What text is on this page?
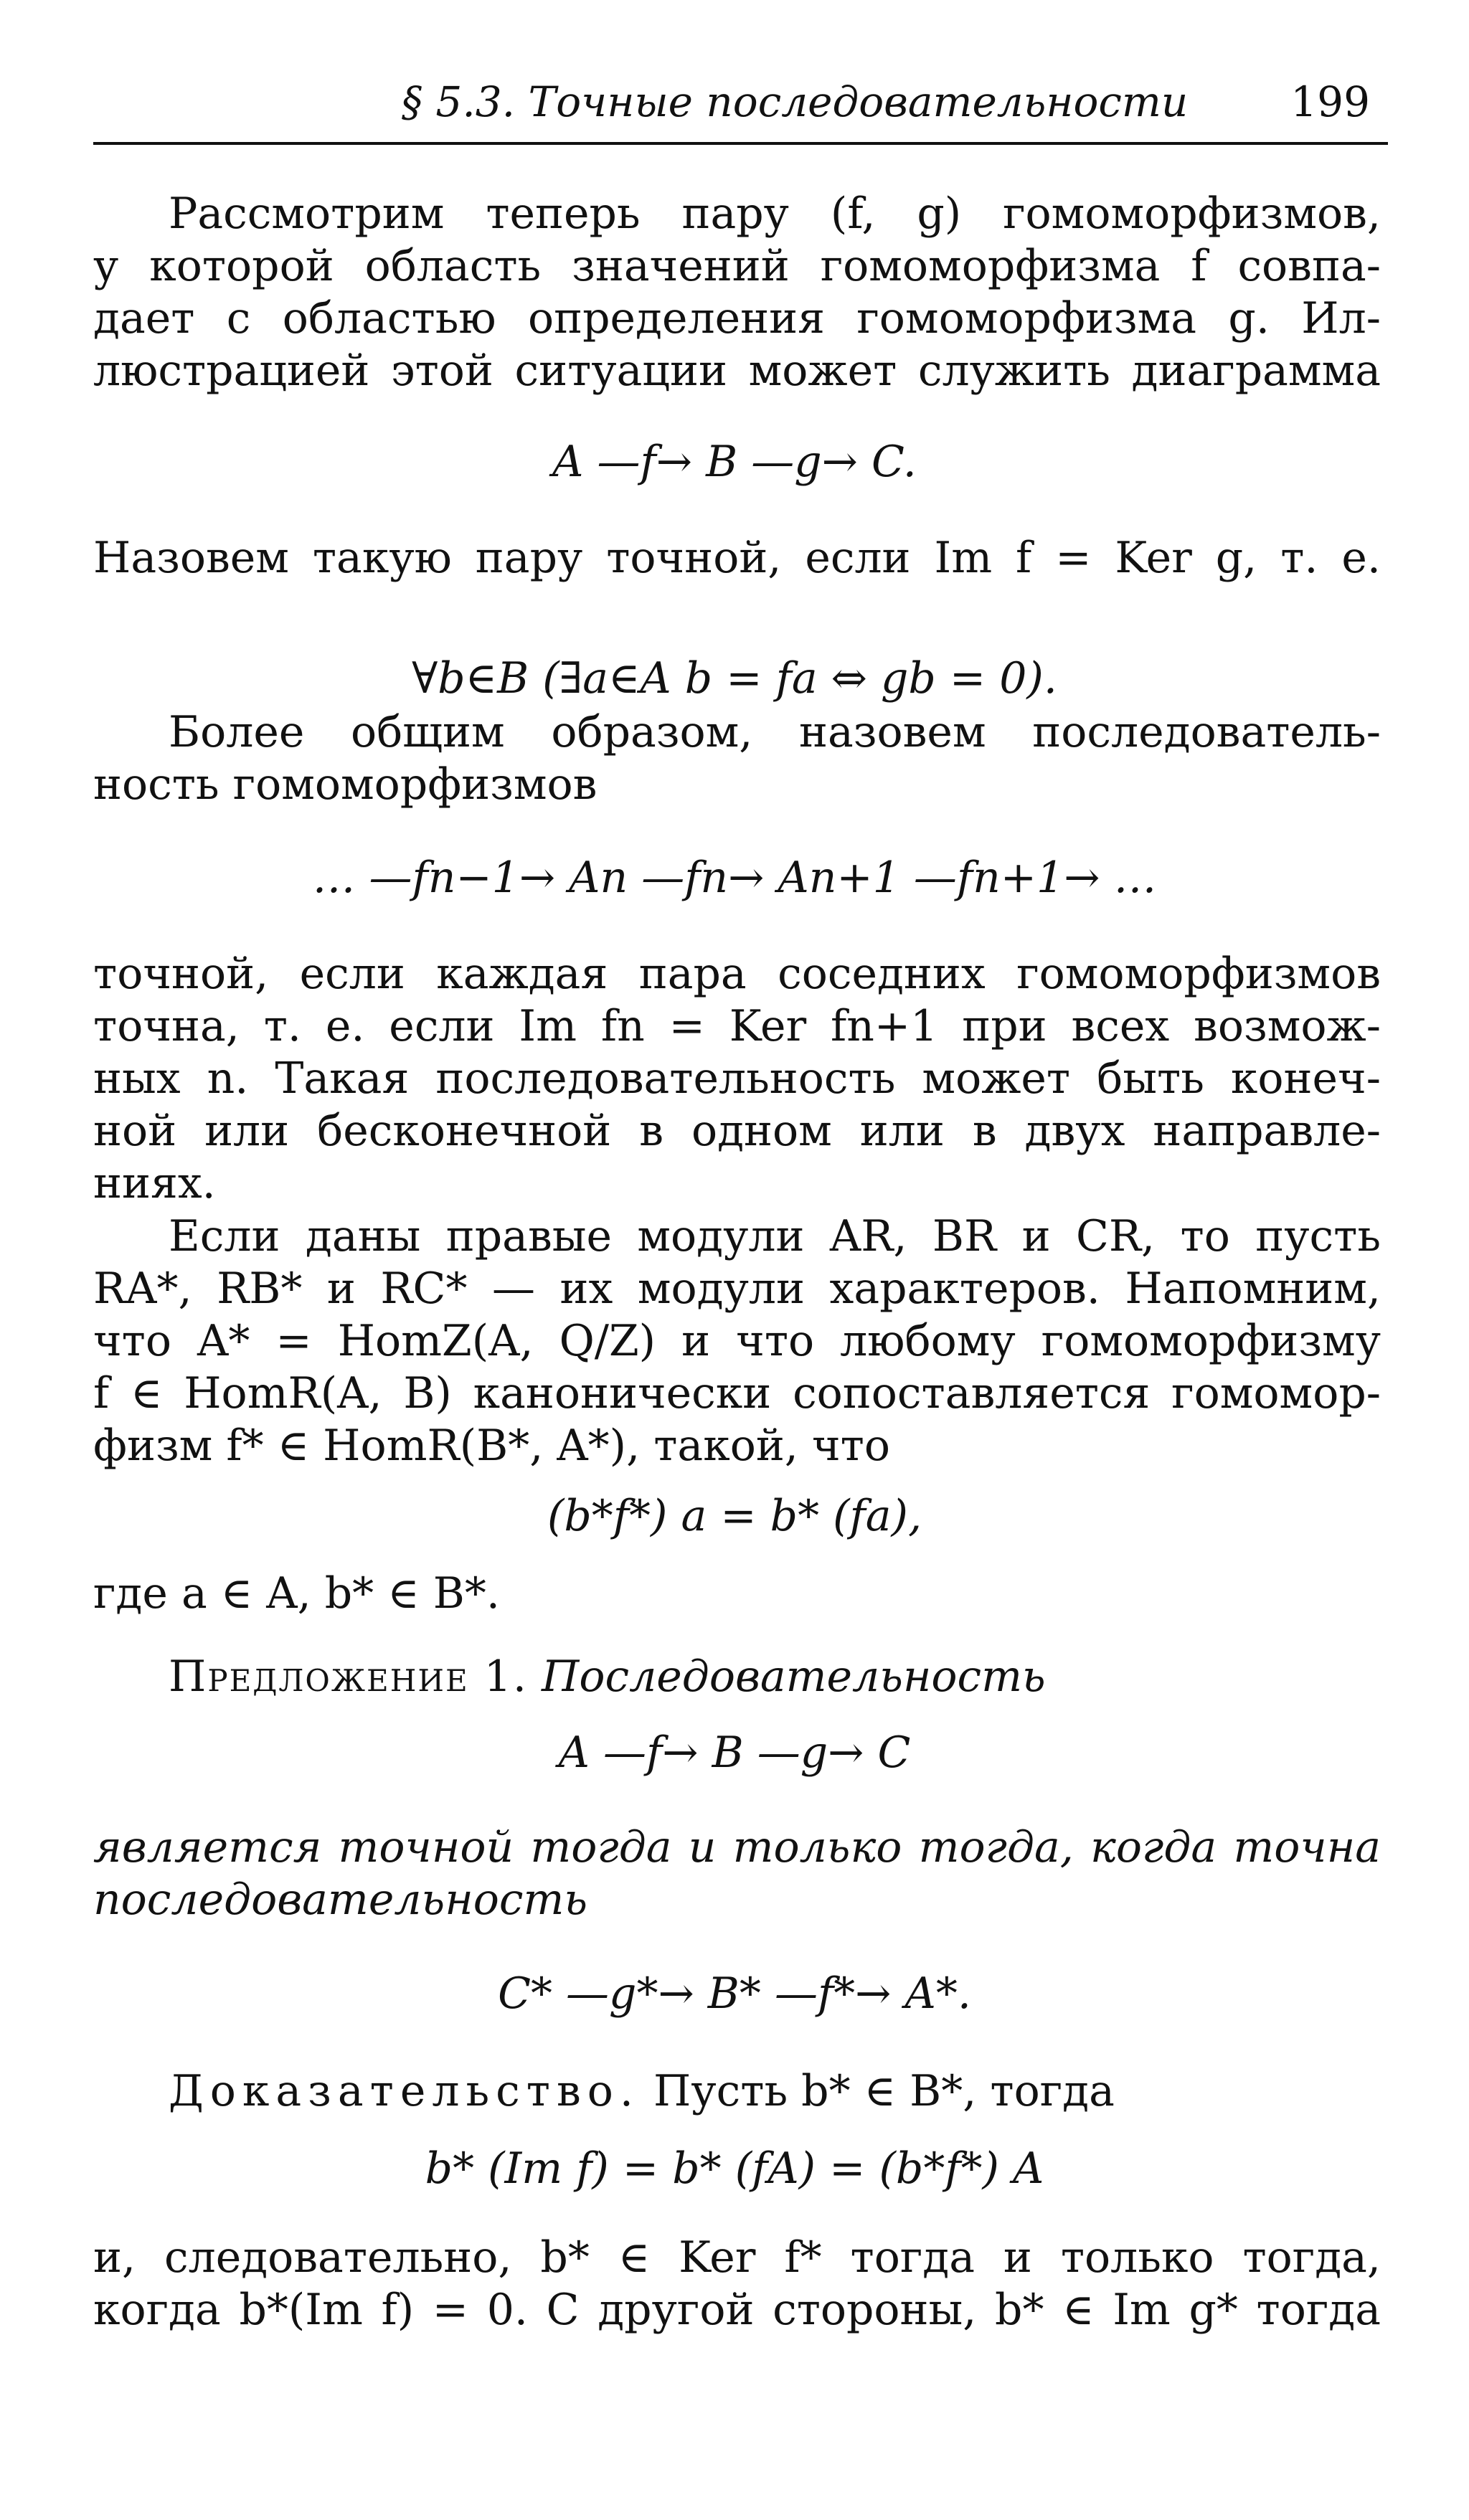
§ 5.3. Точные последовательности 199
Рассмотрим теперь пару (f, g) гомоморфизмов,
у которой область значений гомоморфизма f совпа-
дает с областью определения гомоморфизма g. Ил-
люстрацией этой ситуации может служить диаграмма
A —f→ B —g→ C.
Назовем такую пару точной, если Im f = Ker g, т. е.
∀b∈B (∃a∈A b = fa ⇔ gb = 0).
Более общим образом, назовем последователь-
ность гомоморфизмов
… —fn−1→ An —fn→ An+1 —fn+1→ …
точной, если каждая пара соседних гомоморфизмов
точна, т. е. если Im fn = Ker fn+1 при всех возмож-
ных n. Такая последовательность может быть конеч-
ной или бесконечной в одном или в двух направле-
ниях.
Если даны правые модули AR, BR и CR, то пусть
RA*, RB* и RC* — их модули характеров. Напомним,
что A* = HomZ(A, Q/Z) и что любому гомоморфизму
f ∈ HomR(A, B) канонически сопоставляется гомомор-
физм f* ∈ HomR(B*, A*), такой, что
(b*f*) a = b* (fa),
где a ∈ A, b* ∈ B*.
Предложение 1. Последовательность
A —f→ B —g→ C
является точной тогда и только тогда, когда точна
последовательность
C* —g*→ B* —f*→ A*.
Доказательство. Пусть b* ∈ B*, тогда
b* (Im f) = b* (fA) = (b*f*) A
и, следовательно, b* ∈ Ker f* тогда и только тогда,
когда b*(Im f) = 0. С другой стороны, b* ∈ Im g* тогда
